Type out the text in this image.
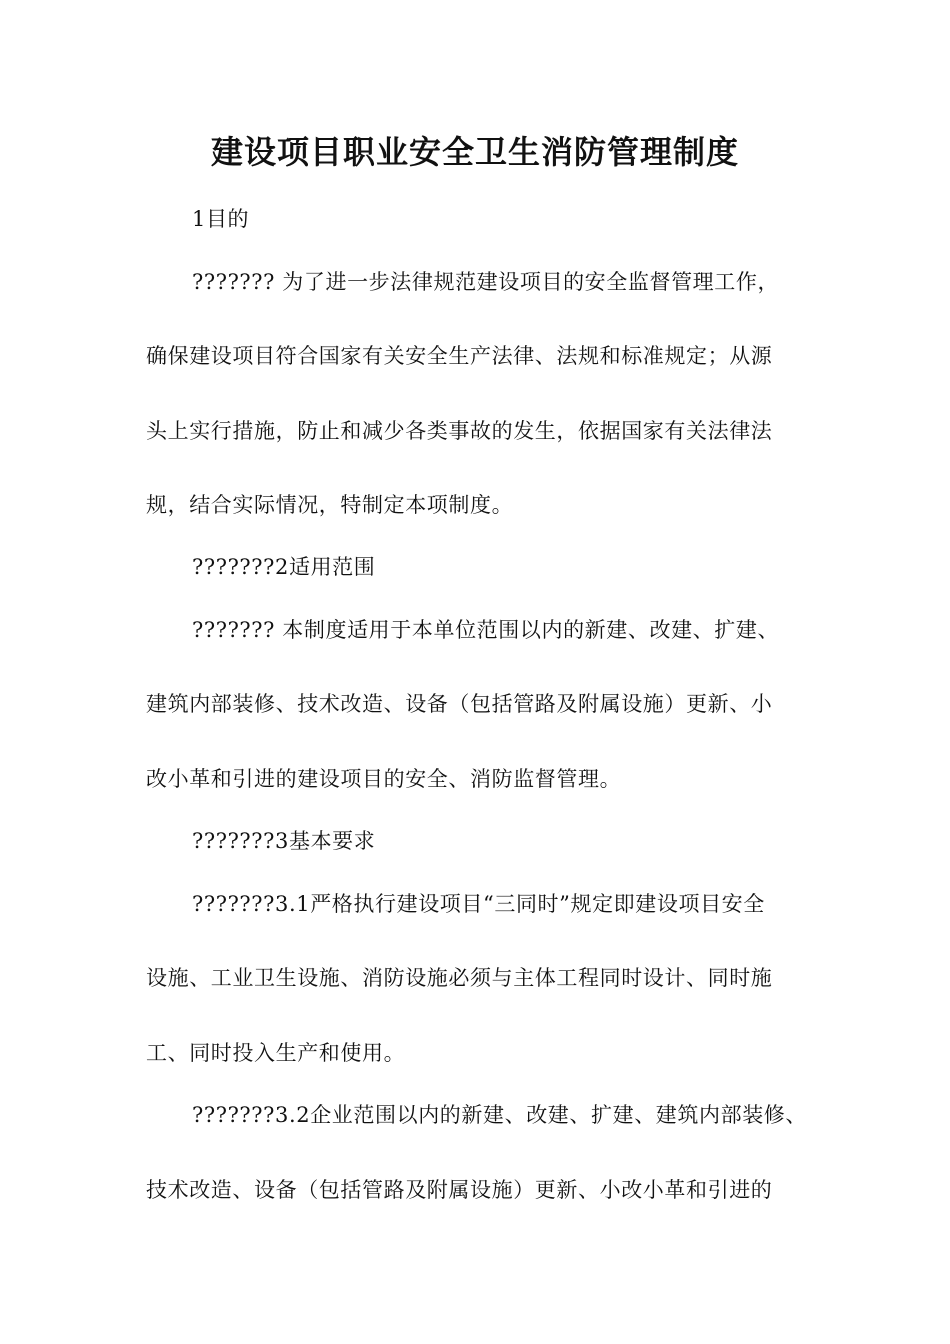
建设项目职业安全卫生消防管理制度
1目的
??????? 为了进一步法律规范建设项目的安全监督管理工作，
确保建设项目符合国家有关安全生产法律、法规和标准规定；从源
头上实行措施，防止和减少各类事故的发生，依据国家有关法律法
规，结合实际情况，特制定本项制度。
???????2适用范围
??????? 本制度适用于本单位范围以内的新建、改建、扩建、
建筑内部装修、技术改造、设备（包括管路及附属设施）更新、小
改小革和引进的建设项目的安全、消防监督管理。
???????3基本要求
???????3.1严格执行建设项目“三同时”规定即建设项目安全
设施、工业卫生设施、消防设施必须与主体工程同时设计、同时施
工、同时投入生产和使用。
???????3.2企业范围以内的新建、改建、扩建、建筑内部装修、
技术改造、设备（包括管路及附属设施）更新、小改小革和引进的
